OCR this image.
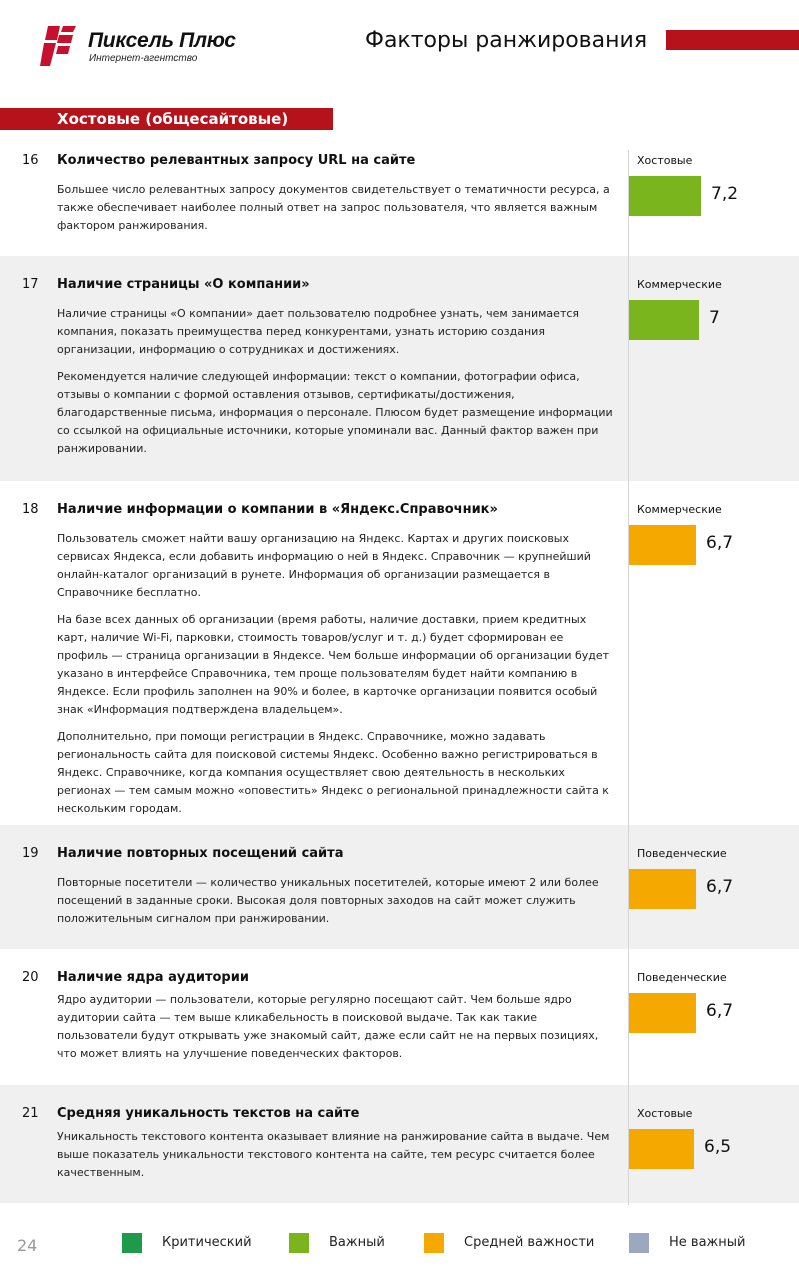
Пиксель Плюс
Интернет-агентство
Факторы ранжирования
Хостовые (общесайтовые)
16 Количество релевантных запросу URL на сайте

Большее число релевантных запросу документов свидетельствует о тематичности ресурса, а также обеспечивает наиболее полный ответ на запрос пользователя, что является важным фактором ранжирования.

Хостовые
7,2
17 Наличие страницы «О компании»

Наличие страницы «О компании» дает пользователю подробнее узнать, чем занимается компания, показать преимущества перед конкурентами, узнать историю создания организации, информацию о сотрудниках и достижениях.

Рекомендуется наличие следующей информации: текст о компании, фотографии офиса, отзывы о компании с формой оставления отзывов, сертификаты/достижения, благодарственные письма, информация о персонале. Плюсом будет размещение информации со ссылкой на официальные источники, которые упоминали вас. Данный фактор важен при ранжировании.

Коммерческие
7
18 Наличие информации о компании в «Яндекс.Справочник»

Пользователь сможет найти вашу организацию на Яндекс. Картах и других поисковых сервисах Яндекса, если добавить информацию о ней в Яндекс. Справочник — крупнейший онлайн-каталог организаций в рунете. Информация об организации размещается в Справочнике бесплатно.

На базе всех данных об организации (время работы, наличие доставки, прием кредитных карт, наличие Wi-Fi, парковки, стоимость товаров/услуг и т. д.) будет сформирован ее профиль — страница организации в Яндексе. Чем больше информации об организации будет указано в интерфейсе Справочника, тем проще пользователям будет найти компанию в Яндексе. Если профиль заполнен на 90% и более, в карточке организации появится особый знак «Информация подтверждена владельцем».

Дополнительно, при помощи регистрации в Яндекс. Справочнике, можно задавать региональность сайта для поисковой системы Яндекс. Особенно важно регистрироваться в Яндекс. Справочнике, когда компания осуществляет свою деятельность в нескольких регионах — тем самым можно «оповестить» Яндекс о региональной принадлежности сайта к нескольким городам.

Коммерческие
6,7
19 Наличие повторных посещений сайта

Повторные посетители — количество уникальных посетителей, которые имеют 2 или более посещений в заданные сроки. Высокая доля повторных заходов на сайт может служить положительным сигналом при ранжировании.

Поведенческие
6,7
20 Наличие ядра аудитории

Ядро аудитории — пользователи, которые регулярно посещают сайт. Чем больше ядро аудитории сайта — тем выше кликабельность в поисковой выдаче. Так как такие пользователи будут открывать уже знакомый сайт, даже если сайт не на первых позициях, что может влиять на улучшение поведенческих факторов.

Поведенческие
6,7
21 Средняя уникальность текстов на сайте

Уникальность текстового контента оказывает влияние на ранжирование сайта в выдаче. Чем выше показатель уникальности текстового контента на сайте, тем ресурс считается более качественным.

Хостовые
6,5
24	Критический	Важный	Средней важности	Не важный
